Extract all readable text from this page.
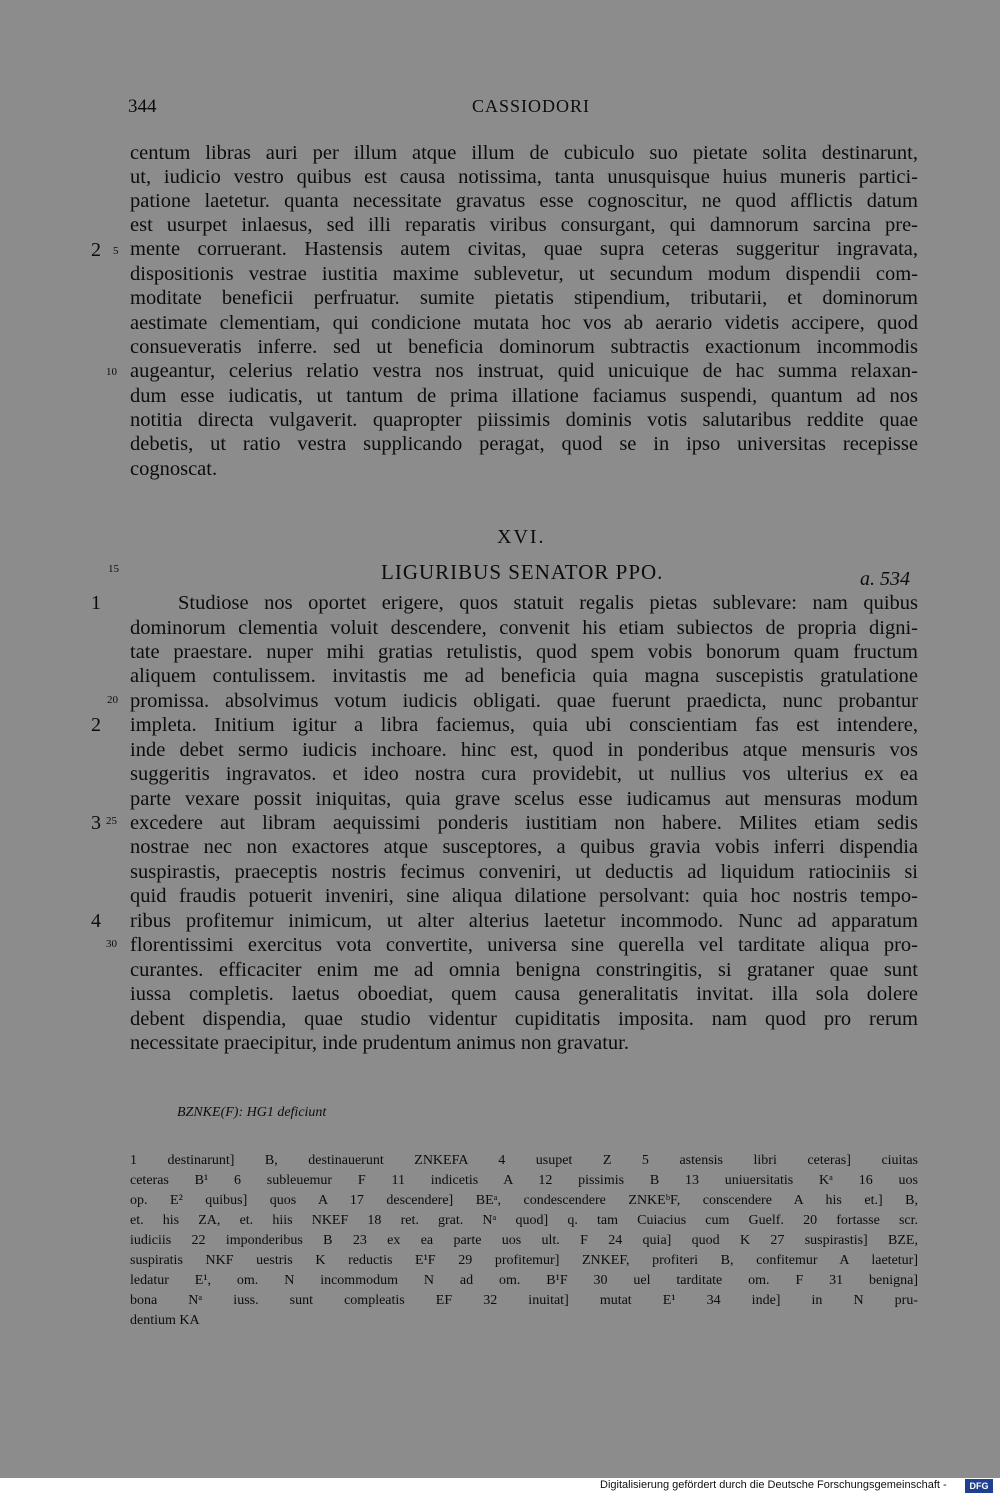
344	CASSIODORI
centum libras auri per illum atque illum de cubiculo suo pietate solita destinarunt,
ut, iudicio vestro quibus est causa notissima, tanta unusquisque huius muneris partici-
patione laetetur. quanta necessitate gravatus esse cognoscitur, ne quod afflictis datum
est usurpet inlaesus, sed illi reparatis viribus consurgant, qui damnorum sarcina pre-
mente corruerant. Hastensis autem civitas, quae supra ceteras suggeritur ingravata,
dispositionis vestrae iustitia maxime sublevetur, ut secundum modum dispendii com-
moditate beneficii perfruatur. sumite pietatis stipendium, tributarii, et dominorum
aestimate clementiam, qui condicione mutata hoc vos ab aerario videtis accipere, quod
consueveratis inferre. sed ut beneficia dominorum subtractis exactionum incommodis
augeantur, celerius relatio vestra nos instruat, quid unicuique de hac summa relaxan-
dum esse iudicatis, ut tantum de prima illatione faciamus suspendi, quantum ad nos
notitia directa vulgaverit. quapropter piissimis dominis votis salutaribus reddite quae
debetis, ut ratio vestra supplicando peragat, quod se in ipso universitas recepisse
cognoscat.
XVI.
LIGURIBUS SENATOR PPO.	a. 534
Studiose nos oportet erigere, quos statuit regalis pietas sublevare: nam quibus
dominorum clementia voluit descendere, convenit his etiam subiectos de propria digni-
tate praestare. nuper mihi gratias retulistis, quod spem vobis bonorum quam fructum
aliquem contulissem. invitastis me ad beneficia quia magna suscepistis gratulatione
promissa. absolvimus votum iudicis obligati. quae fuerunt praedicta, nunc probantur
impleta. Initium igitur a libra faciemus, quia ubi conscientiam fas est intendere,
inde debet sermo iudicis inchoare. hinc est, quod in ponderibus atque mensuris vos
suggeritis ingravatos. et ideo nostra cura providebit, ut nullius vos ulterius ex ea
parte vexare possit iniquitas, quia grave scelus esse iudicamus aut mensuras modum
excedere aut libram aequissimi ponderis iustitiam non habere. Milites etiam sedis
nostrae nec non exactores atque susceptores, a quibus gravia vobis inferri dispendia
suspirastis, praeceptis nostris fecimus conveniri, ut deductis ad liquidum ratiociniis si
quid fraudis potuerit inveniri, sine aliqua dilatione persolvant: quia hoc nostris tempo-
ribus profitemur inimicum, ut alter alterius laetetur incommodo. Nunc ad apparatum
florentissimi exercitus vota convertite, universa sine querella vel tarditate aliqua pro-
curantes. efficaciter enim me ad omnia benigna constringitis, si grataner quae sunt
iussa completis. laetus oboediat, quem causa generalitatis invitat. illa sola dolere
debent dispendia, quae studio videntur cupiditatis imposita. nam quod pro rerum
necessitate praecipitur, inde prudentum animus non gravatur.
5
10
15
20
25
30
2
1
2
3
4
BZNKE(F): HG1 deficiunt
1 destinarunt] B, destinauerunt ZNKEFA 4 usupet Z 5 astensis libri ceteras] ciuitas
ceteras B¹ 6 subleuemur F 11 indicetis A 12 pissimis B 13 uniuersitatis Kᵃ 16 uos
op. E² quibus] quos A 17 descendere] BEᵃ, condescendere ZNKEᵇF, conscendere A his et.] B,
et. his ZA, et. hiis NKEF 18 ret. grat. Nᵃ quod] q. tam Cuiacius cum Guelf. 20 fortasse scr.
iudiciis 22 imponderibus B 23 ex ea parte uos ult. F 24 quia] quod K 27 suspirastis] BZE,
suspiratis NKF uestris K reductis E¹F 29 profitemur] ZNKEF, profiteri B, confitemur A laetetur]
ledatur E¹, om. N incommodum N ad om. B¹F 30 uel tarditate om. F 31 benigna]
bona Nᵃ iuss. sunt compleatis EF 32 inuitat] mutat E¹ 34 inde] in N pru-
dentium KA
Digitalisierung gefördert durch die Deutsche Forschungsgemeinschaft -	DFG
